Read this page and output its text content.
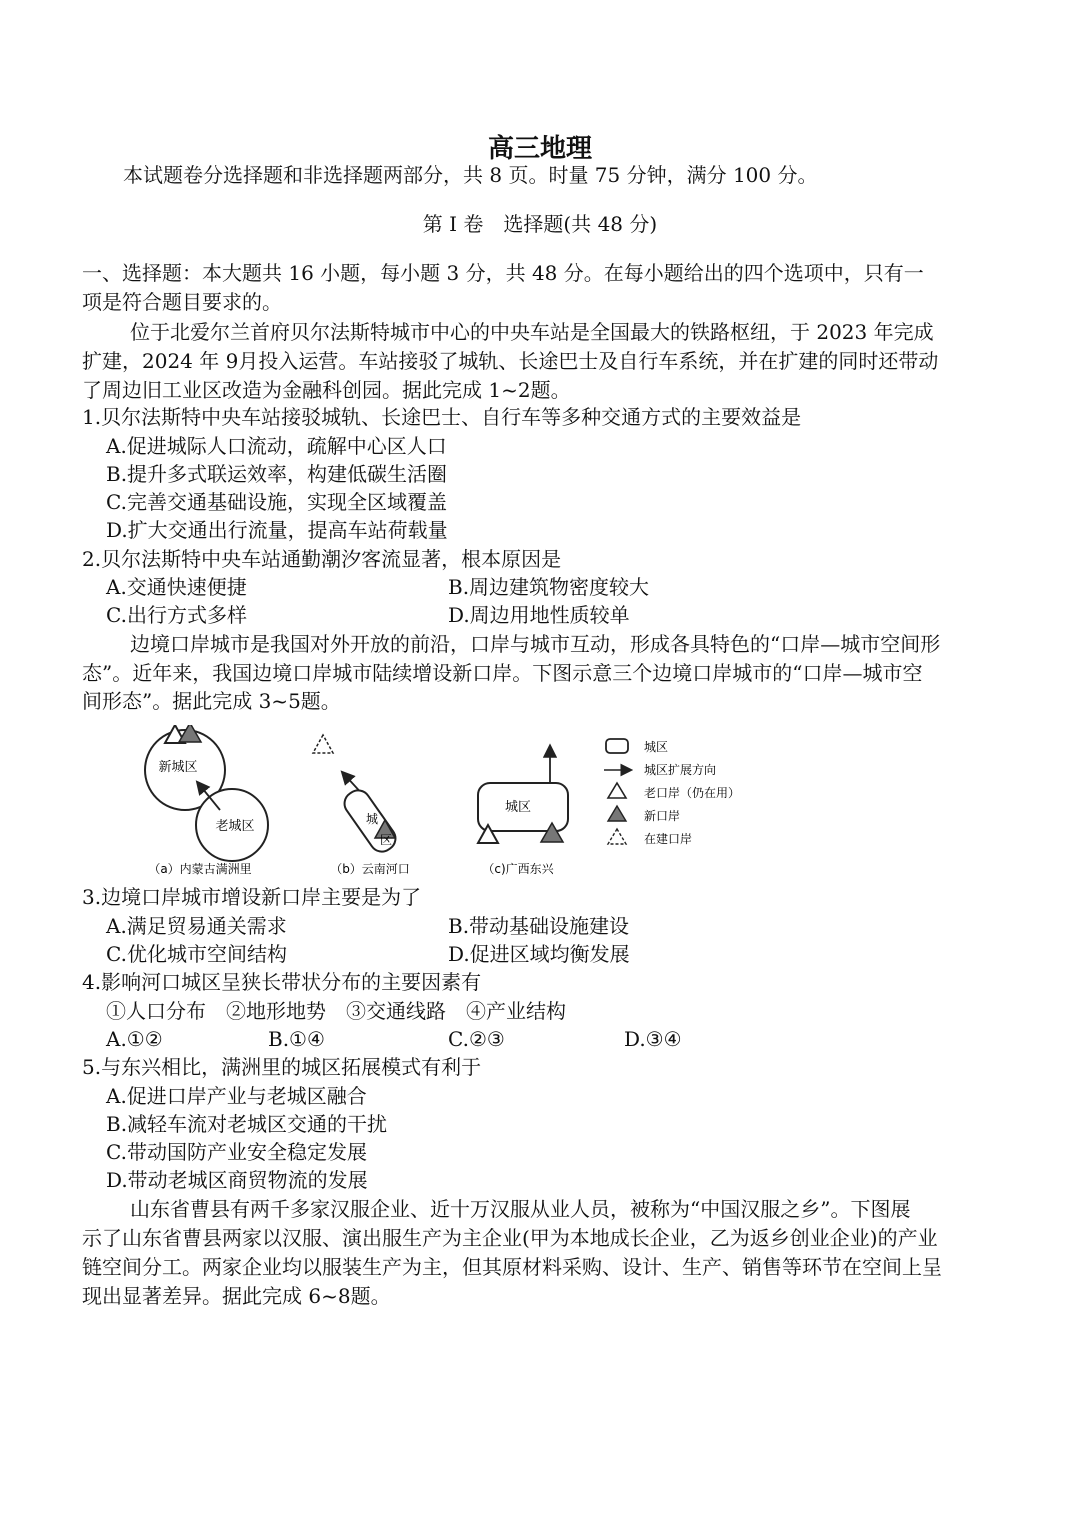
高三地理
本试题卷分选择题和非选择题两部分，共 8 页。时量 75 分钟，满分 100 分。
第 I 卷　选择题(共 48 分)
一、选择题：本大题共 16 小题，每小题 3 分，共 48 分。在每小题给出的四个选项中，只有一
项是符合题目要求的。
位于北爱尔兰首府贝尔法斯特城市中心的中央车站是全国最大的铁路枢纽，于 2023 年完成
扩建，2024 年 9月投入运营。车站接驳了城轨、长途巴士及自行车系统，并在扩建的同时还带动
了周边旧工业区改造为金融科创园。据此完成 1~2题。
1.贝尔法斯特中央车站接驳城轨、长途巴士、自行车等多种交通方式的主要效益是
A.促进城际人口流动，疏解中心区人口
B.提升多式联运效率，构建低碳生活圈
C.完善交通基础设施，实现全区域覆盖
D.扩大交通出行流量，提高车站荷载量
2.贝尔法斯特中央车站通勤潮汐客流显著，根本原因是
A.交通快速便捷	B.周边建筑物密度较大
C.出行方式多样	D.周边用地性质较单
边境口岸城市是我国对外开放的前沿，口岸与城市互动，形成各具特色的“口岸—城市空间形
态”。近年来，我国边境口岸城市陆续增设新口岸。下图示意三个边境口岸城市的“口岸—城市空
间形态”。据此完成 3~5题。
新城区
老城区
（a）内蒙古满洲里
城
区
（b）云南河口
城区
（c)广西东兴
城区
城区扩展方向
老口岸（仍在用）
新口岸
在建口岸
3.边境口岸城市增设新口岸主要是为了
A.满足贸易通关需求	B.带动基础设施建设
C.优化城市空间结构	D.促进区域均衡发展
4.影响河口城区呈狭长带状分布的主要因素有
①人口分布　②地形地势　③交通线路　④产业结构
A.①②	B.①④	C.②③	D.③④
5.与东兴相比，满洲里的城区拓展模式有利于
A.促进口岸产业与老城区融合
B.减轻车流对老城区交通的干扰
C.带动国防产业安全稳定发展
D.带动老城区商贸物流的发展
山东省曹县有两千多家汉服企业、近十万汉服从业人员，被称为“中国汉服之乡”。下图展
示了山东省曹县两家以汉服、演出服生产为主企业(甲为本地成长企业，乙为返乡创业企业)的产业
链空间分工。两家企业均以服装生产为主，但其原材料采购、设计、生产、销售等环节在空间上呈
现出显著差异。据此完成 6~8题。
